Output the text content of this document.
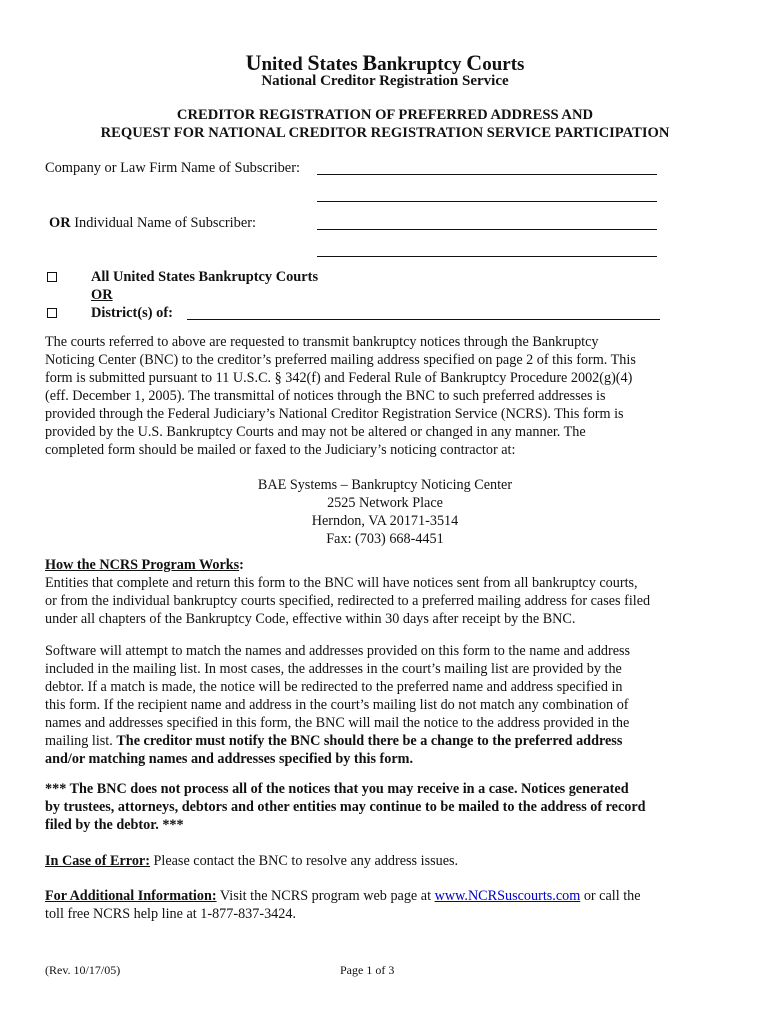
United States Bankruptcy Courts
National Creditor Registration Service
CREDITOR REGISTRATION OF PREFERRED ADDRESS AND
REQUEST FOR NATIONAL CREDITOR REGISTRATION SERVICE PARTICIPATION
Company or Law Firm Name of Subscriber:
OR Individual Name of Subscriber:
All United States Bankruptcy Courts
OR
District(s) of:
The courts referred to above are requested to transmit bankruptcy notices through the Bankruptcy
Noticing Center (BNC) to the creditor’s preferred mailing address specified on page 2 of this form. This
form is submitted pursuant to 11 U.S.C. § 342(f) and Federal Rule of Bankruptcy Procedure 2002(g)(4)
(eff. December 1, 2005). The transmittal of notices through the BNC to such preferred addresses is
provided through the Federal Judiciary’s National Creditor Registration Service (NCRS). This form is
provided by the U.S. Bankruptcy Courts and may not be altered or changed in any manner. The
completed form should be mailed or faxed to the Judiciary’s noticing contractor at:
BAE Systems – Bankruptcy Noticing Center
2525 Network Place
Herndon, VA 20171-3514
Fax: (703) 668-4451
How the NCRS Program Works:
Entities that complete and return this form to the BNC will have notices sent from all bankruptcy courts,
or from the individual bankruptcy courts specified, redirected to a preferred mailing address for cases filed
under all chapters of the Bankruptcy Code, effective within 30 days after receipt by the BNC.
Software will attempt to match the names and addresses provided on this form to the name and address
included in the mailing list. In most cases, the addresses in the court’s mailing list are provided by the
debtor. If a match is made, the notice will be redirected to the preferred name and address specified in
this form. If the recipient name and address in the court’s mailing list do not match any combination of
names and addresses specified in this form, the BNC will mail the notice to the address provided in the
mailing list. The creditor must notify the BNC should there be a change to the preferred address
and/or matching names and addresses specified by this form.
*** The BNC does not process all of the notices that you may receive in a case. Notices generated
by trustees, attorneys, debtors and other entities may continue to be mailed to the address of record
filed by the debtor. ***
In Case of Error: Please contact the BNC to resolve any address issues.
For Additional Information: Visit the NCRS program web page at www.NCRSuscourts.com or call the
toll free NCRS help line at 1-877-837-3424.
(Rev. 10/17/05)	Page 1 of 3
